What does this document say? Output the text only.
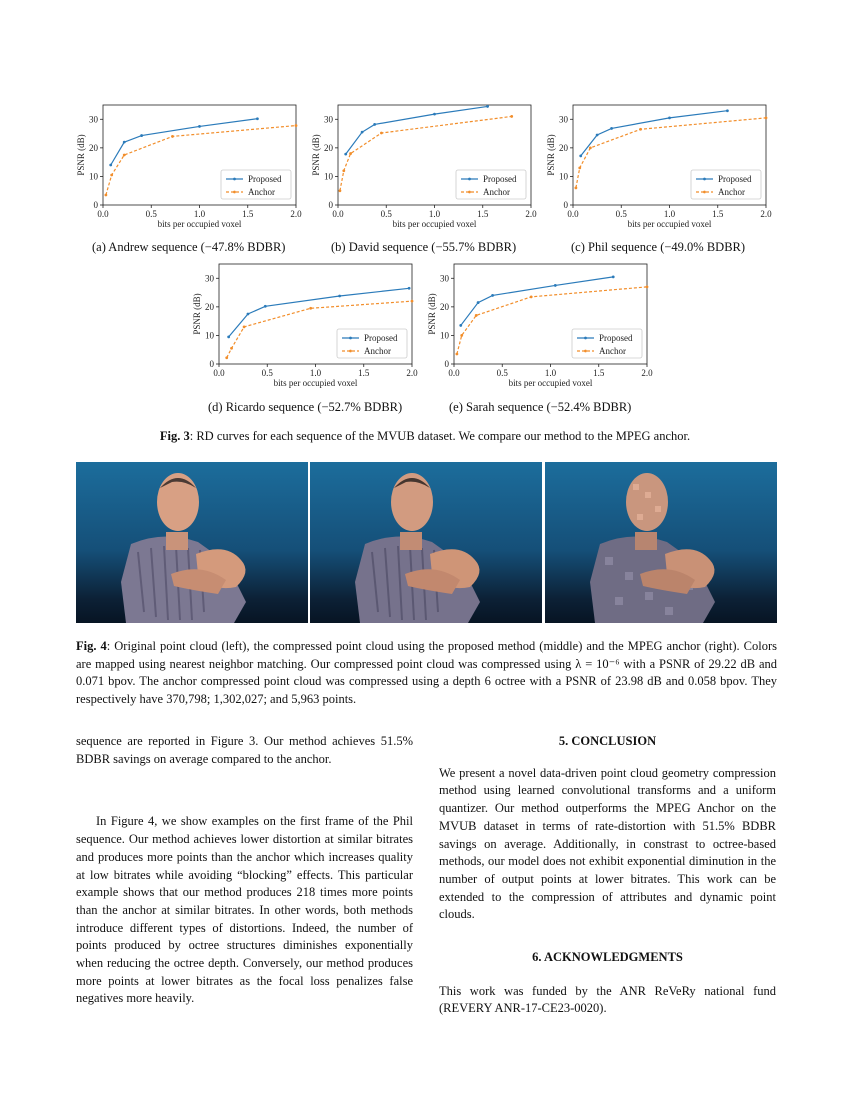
0
10
20
30
0.0	0.5	1.0	1.5	2.0
bits per occupied voxel
PSNR (dB)
Proposed
Anchor
0
10
20
30
0.0	0.5	1.0	1.5	2.0
bits per occupied voxel
PSNR (dB)
Proposed
Anchor
0
10
20
30
0.0	0.5	1.0	1.5	2.0
bits per occupied voxel
PSNR (dB)
Proposed
Anchor
0
10
20
30
0.0	0.5	1.0	1.5	2.0
bits per occupied voxel
PSNR (dB)
Proposed
Anchor
0
10
20
30
0.0	0.5	1.0	1.5	2.0
bits per occupied voxel
PSNR (dB)
Proposed
Anchor
(a) Andrew sequence (−47.8% BDBR)	(b) David sequence (−55.7% BDBR)	(c) Phil sequence (−49.0% BDBR)
(d) Ricardo sequence (−52.7% BDBR)	(e) Sarah sequence (−52.4% BDBR)
Fig. 3: RD curves for each sequence of the MVUB dataset. We compare our method to the MPEG anchor.
Fig. 4: Original point cloud (left), the compressed point cloud using the proposed method (middle) and the MPEG anchor (right). Colors are mapped using nearest neighbor matching. Our compressed point cloud was compressed using λ = 10⁻⁶ with a PSNR of 29.22 dB and 0.071 bpov. The anchor compressed point cloud was compressed using a depth 6 octree with a PSNR of 23.98 dB and 0.058 bpov. They respectively have 370,798; 1,302,027; and 5,963 points.

sequence are reported in Figure 3. Our method achieves 51.5% BDBR savings on average compared to the anchor.

In Figure 4, we show examples on the first frame of the Phil sequence. Our method achieves lower distortion at similar bitrates and produces more points than the anchor which increases quality at low bitrates while avoiding “blocking” effects. This particular example shows that our method produces 218 times more points than the anchor at similar bitrates. In other words, both methods introduce different types of distortions. Indeed, the number of points produced by octree structures diminishes exponentially when reducing the octree depth. Conversely, our method produces more points at lower bitrates as the focal loss penalizes false negatives more heavily.

5. CONCLUSION

We present a novel data-driven point cloud geometry compression method using learned convolutional transforms and a uniform quantizer. Our method outperforms the MPEG Anchor on the MVUB dataset in terms of rate-distortion with 51.5% BDBR savings on average. Additionally, in constrast to octree-based methods, our model does not exhibit exponential diminution in the number of output points at lower bitrates. This work can be extended to the compression of attributes and dynamic point clouds.

6. ACKNOWLEDGMENTS

This work was funded by the ANR ReVeRy national fund (REVERY ANR-17-CE23-0020).
